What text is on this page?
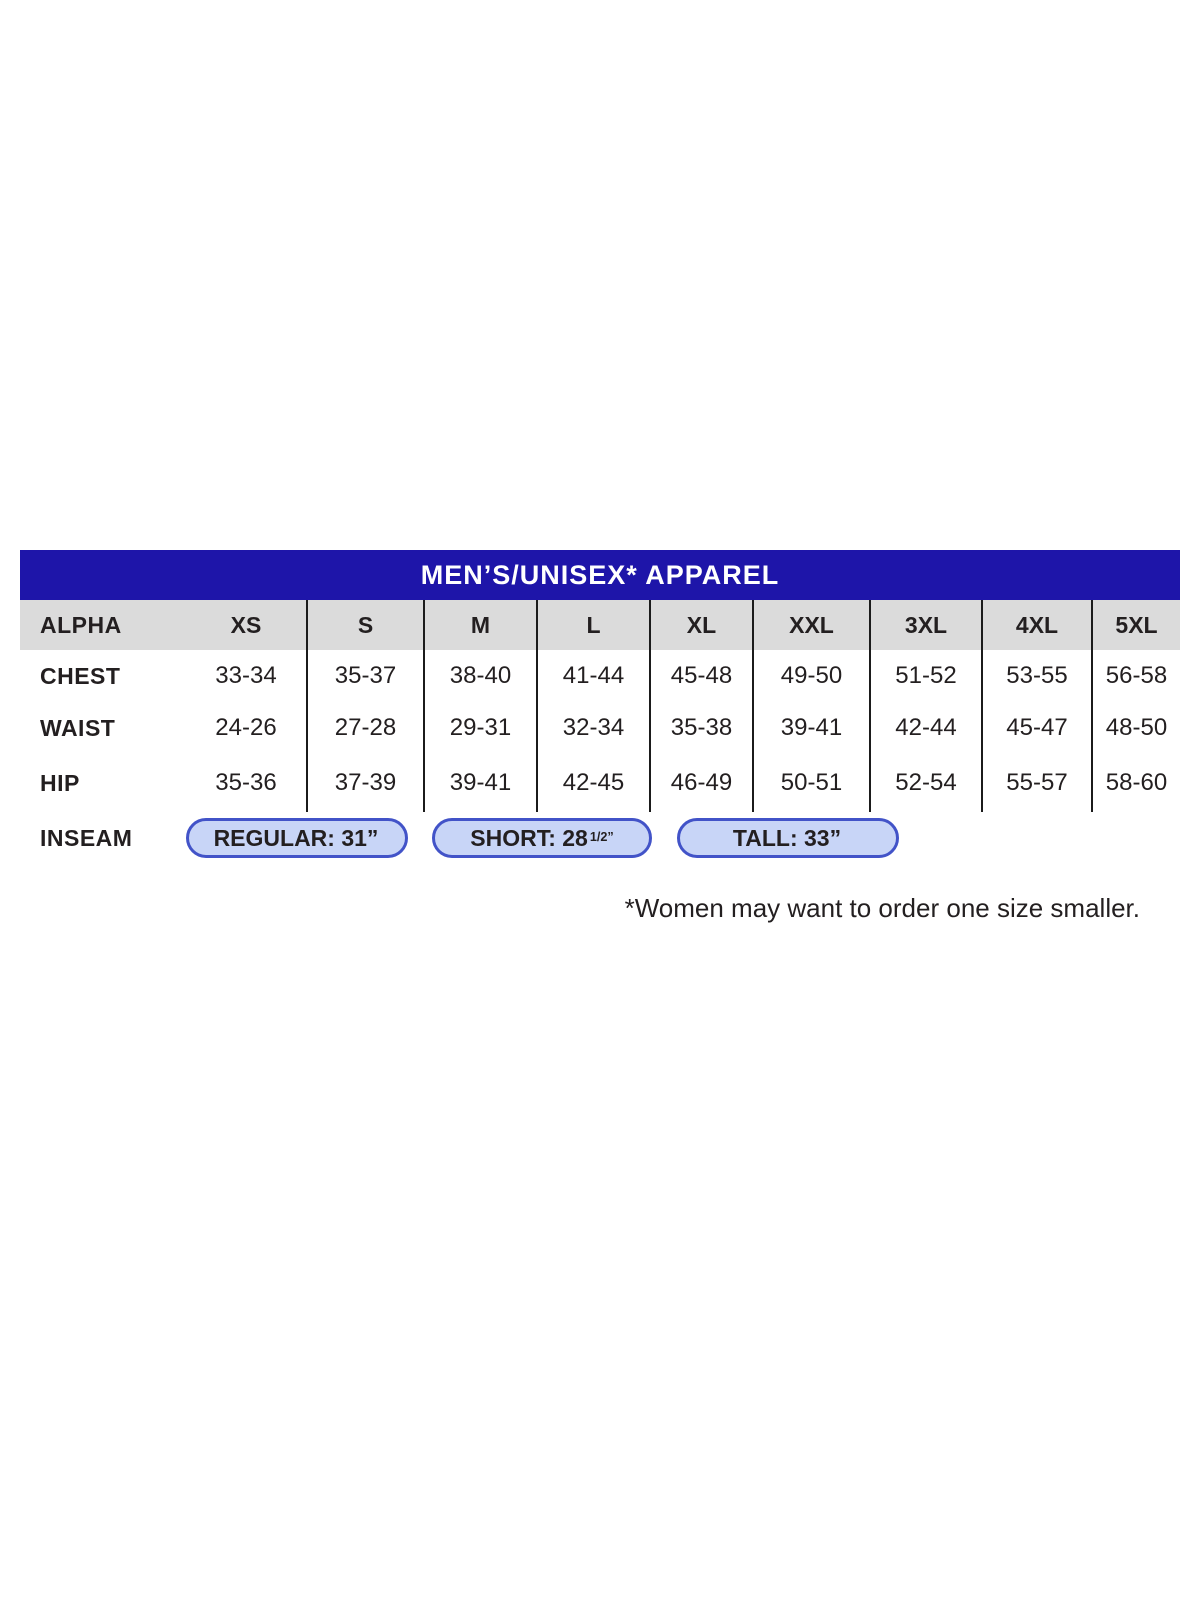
MEN’S/UNISEX* APPAREL
ALPHA	XS	S	M	L	XL	XXL	3XL	4XL	5XL
CHEST	33-34	35-37	38-40	41-44	45-48	49-50	51-52	53-55	56-58
WAIST	24-26	27-28	29-31	32-34	35-38	39-41	42-44	45-47	48-50
HIP	35-36	37-39	39-41	42-45	46-49	50-51	52-54	55-57	58-60
INSEAM	REGULAR: 31”	SHORT: $28^{1/2”}$	TALL: 33”
*Women may want to order one size smaller.
